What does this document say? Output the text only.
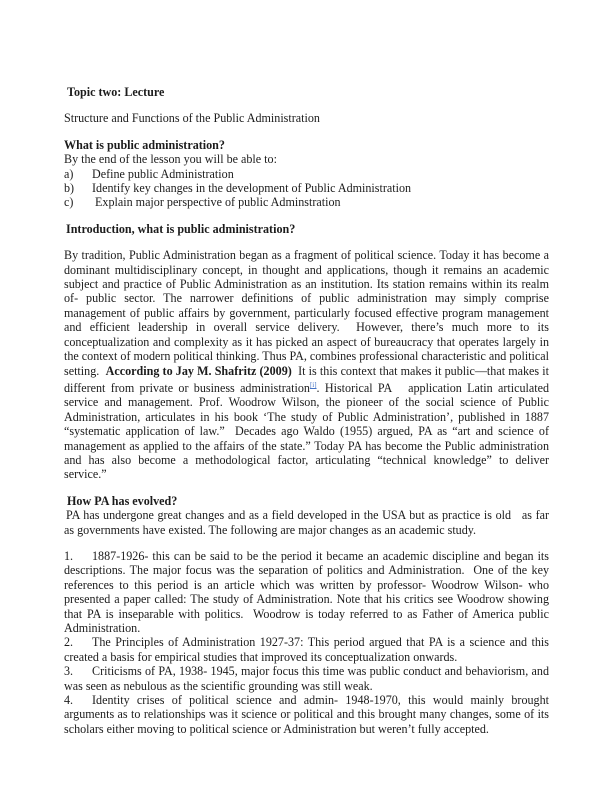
Topic two: Lecture

Structure and Functions of the Public Administration

What is public administration?

By the end of the lesson you will be able to:

a) Define public Administration

b) Identify key changes in the development of Public Administration

c) Explain major perspective of public Adminstration

Introduction, what is public administration?

By tradition, Public Administration began as a fragment of political science. Today it has become a dominant multidisciplinary concept, in thought and applications, though it remains an academic subject and practice of Public Administration as an institution. Its station remains within its realm of- public sector. The narrower definitions of public administration may simply comprise management of public affairs by government, particularly focused effective program management and efficient leadership in overall service delivery.  However, there’s much more to its conceptualization and complexity as it has picked an aspect of bureaucracy that operates largely in the context of modern political thinking. Thus PA, combines professional characteristic and political setting.  According to Jay M. Shafritz (2009)  It is this context that makes it public—that makes it different from private or business administration[i]. Historical PA   application Latin articulated service and management. Prof. Woodrow Wilson, the pioneer of the social science of Public Administration, articulates in his book ‘The study of Public Administration’, published in 1887 “systematic application of law.”  Decades ago Waldo (1955) argued, PA as “art and science of management as applied to the affairs of the state.” Today PA has become the Public administration and has also become a methodological factor, articulating “technical knowledge” to deliver service.”

How PA has evolved?

PA has undergone great changes and as a field developed in the USA but as practice is old   as far as governments have existed. The following are major changes as an academic study.

1. 1887-1926- this can be said to be the period it became an academic discipline and began its descriptions. The major focus was the separation of politics and Administration.  One of the key references to this period is an article which was written by professor- Woodrow Wilson- who presented a paper called: The study of Administration. Note that his critics see Woodrow showing that PA is inseparable with politics.  Woodrow is today referred to as Father of America public Administration.

2. The Principles of Administration 1927-37: This period argued that PA is a science and this created a basis for empirical studies that improved its conceptualization onwards.

3. Criticisms of PA, 1938- 1945, major focus this time was public conduct and behaviorism, and was seen as nebulous as the scientific grounding was still weak.

4. Identity crises of political science and admin- 1948-1970, this would mainly brought arguments as to relationships was it science or political and this brought many changes, some of its scholars either moving to political science or Administration but weren’t fully accepted.
